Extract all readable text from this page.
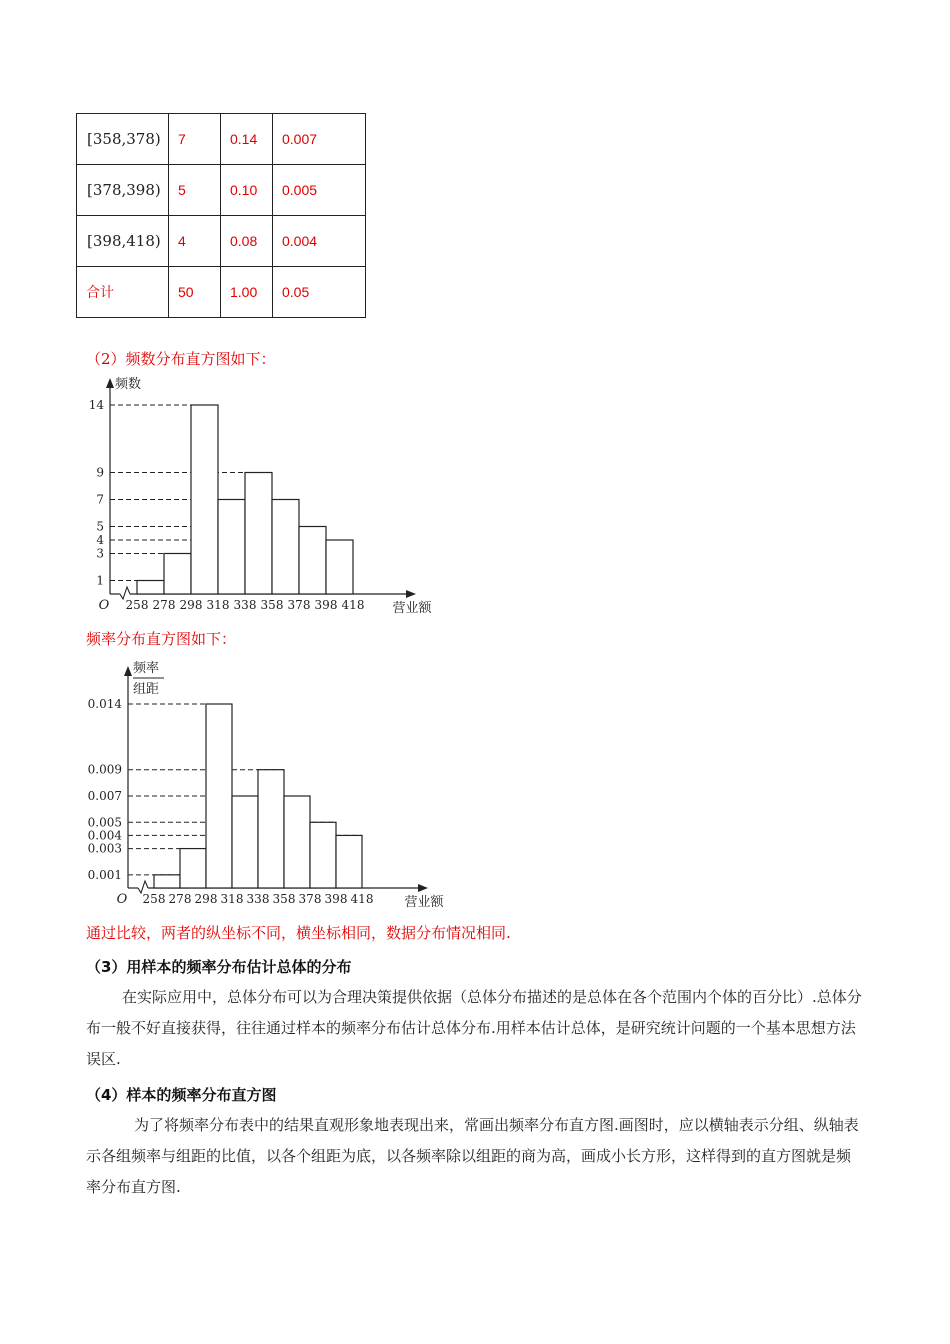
[358,378)	7	0.14	0.007
[378,398)	5	0.10	0.005
[398,418)	4	0.08	0.004
合计	50	1.00	0.05
（2）频数分布直方图如下：
1
3
4
5
7
9
14
258 278 298 318 338 358 378 398 418
O	营业额
频数
频率分布直方图如下：
0.001
0.003
0.004
0.005
0.007
0.009
0.014
258 278 298 318 338 358 378 398 418
O	营业额
频率
组距
通过比较，两者的纵坐标不同，横坐标相同，数据分布情况相同.
（3）用样本的频率分布估计总体的分布
在实际应用中，总体分布可以为合理决策提供依据（总体分布描述的是总体在各个范围内个体的百分比）.总体分布一般不好直接获得，往往通过样本的频率分布估计总体分布.用样本估计总体，是研究统计问题的一个基本思想方法误区.
（4）样本的频率分布直方图
为了将频率分布表中的结果直观形象地表现出来，常画出频率分布直方图.画图时，应以横轴表示分组、纵轴表示各组频率与组距的比值，以各个组距为底，以各频率除以组距的商为高，画成小长方形，这样得到的直方图就是频率分布直方图.
